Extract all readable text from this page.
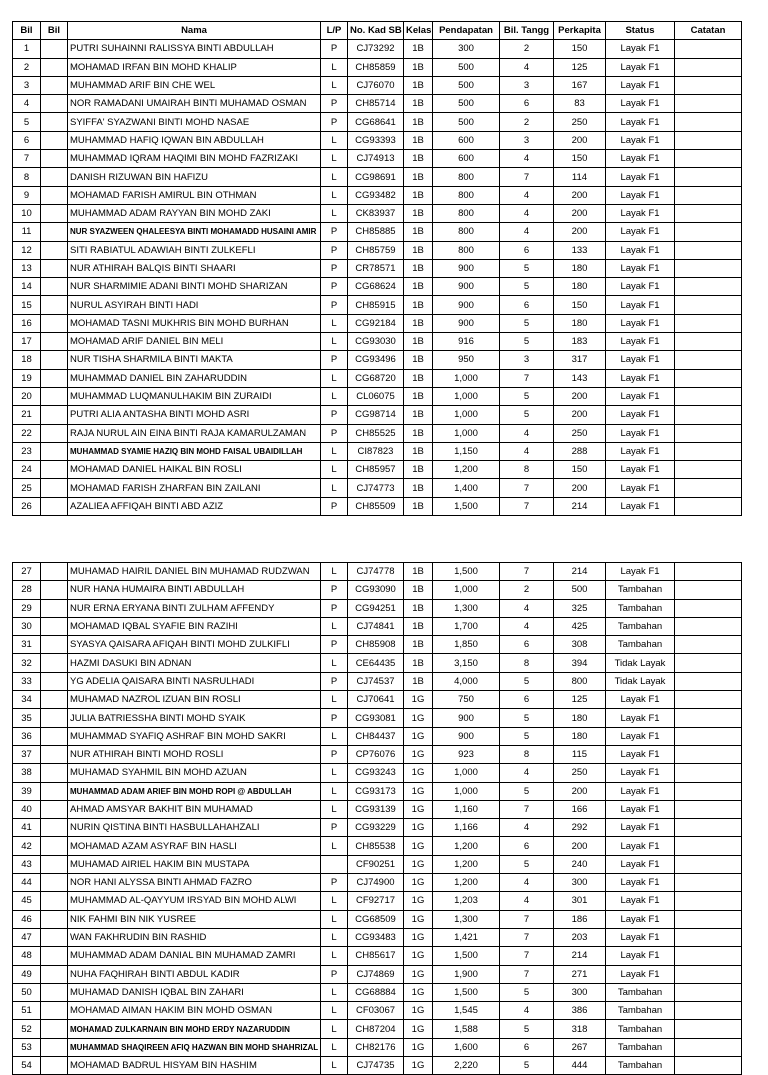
Bil	Bil	Nama	L/P	No. Kad SB	Kelas	Pendapatan	Bil. Tangg	Perkapita	Status	Catatan
1		PUTRI SUHAINNI RALISSYA BINTI ABDULLAH	P	CJ73292	1B	300	2	150	Layak F1	
2		MOHAMAD IRFAN BIN MOHD KHALIP	L	CH85859	1B	500	4	125	Layak F1	
3		MUHAMMAD ARIF BIN CHE WEL	L	CJ76070	1B	500	3	167	Layak F1	
4		NOR RAMADANI UMAIRAH BINTI MUHAMAD OSMAN	P	CH85714	1B	500	6	83	Layak F1	
5		SYIFFA' SYAZWANI BINTI MOHD NASAE	P	CG68641	1B	500	2	250	Layak F1	
6		MUHAMMAD HAFIQ IQWAN BIN ABDULLAH	L	CG93393	1B	600	3	200	Layak F1	
7		MUHAMMAD IQRAM HAQIMI BIN MOHD FAZRIZAKI	L	CJ74913	1B	600	4	150	Layak F1	
8		DANISH RIZUWAN BIN HAFIZU	L	CG98691	1B	800	7	114	Layak F1	
9		MOHAMAD FARISH AMIRUL BIN OTHMAN	L	CG93482	1B	800	4	200	Layak F1	
10		MUHAMMAD ADAM RAYYAN BIN MOHD ZAKI	L	CK83937	1B	800	4	200	Layak F1	
11		NUR SYAZWEEN QHALEESYA BINTI MOHAMADD HUSAINI AMIR	P	CH85885	1B	800	4	200	Layak F1	
12		SITI RABIATUL ADAWIAH BINTI ZULKEFLI	P	CH85759	1B	800	6	133	Layak F1	
13		NUR ATHIRAH BALQIS BINTI SHAARI	P	CR78571	1B	900	5	180	Layak F1	
14		NUR SHARMIMIE ADANI BINTI MOHD SHARIZAN	P	CG68624	1B	900	5	180	Layak F1	
15		NURUL ASYIRAH BINTI HADI	P	CH85915	1B	900	6	150	Layak F1	
16		MOHAMAD TASNI MUKHRIS BIN MOHD BURHAN	L	CG92184	1B	900	5	180	Layak F1	
17		MOHAMAD ARIF DANIEL BIN MELI	L	CG93030	1B	916	5	183	Layak F1	
18		NUR TISHA SHARMILA BINTI MAKTA	P	CG93496	1B	950	3	317	Layak F1	
19		MUHAMMAD DANIEL BIN ZAHARUDDIN	L	CG68720	1B	1,000	7	143	Layak F1	
20		MUHAMMAD LUQMANULHAKIM BIN ZURAIDI	L	CL06075	1B	1,000	5	200	Layak F1	
21		PUTRI ALIA ANTASHA BINTI MOHD ASRI	P	CG98714	1B	1,000	5	200	Layak F1	
22		RAJA NURUL AIN EINA BINTI RAJA KAMARULZAMAN	P	CH85525	1B	1,000	4	250	Layak F1	
23		MUHAMMAD SYAMIE HAZIQ BIN MOHD FAISAL UBAIDILLAH	L	CI87823	1B	1,150	4	288	Layak F1	
24		MOHAMAD DANIEL HAIKAL BIN ROSLI	L	CH85957	1B	1,200	8	150	Layak F1	
25		MOHAMAD FARISH ZHARFAN BIN ZAILANI	L	CJ74773	1B	1,400	7	200	Layak F1	
26		AZALIEA AFFIQAH BINTI ABD AZIZ	P	CH85509	1B	1,500	7	214	Layak F1	
27		MUHAMAD HAIRIL DANIEL BIN MUHAMAD RUDZWAN	L	CJ74778	1B	1,500	7	214	Layak F1	
28		NUR HANA HUMAIRA BINTI ABDULLAH	P	CG93090	1B	1,000	2	500	Tambahan	
29		NUR ERNA ERYANA BINTI ZULHAM AFFENDY	P	CG94251	1B	1,300	4	325	Tambahan	
30		MOHAMAD IQBAL SYAFIE BIN RAZIHI	L	CJ74841	1B	1,700	4	425	Tambahan	
31		SYASYA QAISARA AFIQAH BINTI MOHD ZULKIFLI	P	CH85908	1B	1,850	6	308	Tambahan	
32		HAZMI DASUKI BIN ADNAN	L	CE64435	1B	3,150	8	394	Tidak Layak	
33		YG ADELIA QAISARA BINTI NASRULHADI	P	CJ74537	1B	4,000	5	800	Tidak Layak	
34		MUHAMAD NAZROL IZUAN BIN ROSLI	L	CJ70641	1G	750	6	125	Layak F1	
35		JULIA BATRIESSHA BINTI MOHD SYAIK	P	CG93081	1G	900	5	180	Layak F1	
36		MUHAMMAD SYAFIQ ASHRAF BIN MOHD SAKRI	L	CH84437	1G	900	5	180	Layak F1	
37		NUR ATHIRAH BINTI MOHD ROSLI	P	CP76076	1G	923	8	115	Layak F1	
38		MUHAMAD SYAHMIL BIN MOHD AZUAN	L	CG93243	1G	1,000	4	250	Layak F1	
39		MUHAMMAD ADAM ARIEF BIN MOHD ROPI @ ABDULLAH	L	CG93173	1G	1,000	5	200	Layak F1	
40		AHMAD AMSYAR BAKHIT BIN MUHAMAD	L	CG93139	1G	1,160	7	166	Layak F1	
41		NURIN QISTINA BINTI HASBULLAHAHZALI	P	CG93229	1G	1,166	4	292	Layak F1	
42		MOHAMAD AZAM ASYRAF BIN HASLI	L	CH85538	1G	1,200	6	200	Layak F1	
43		MUHAMAD AIRIEL HAKIM BIN MUSTAPA		CF90251	1G	1,200	5	240	Layak F1	
44		NOR HANI ALYSSA BINTI AHMAD FAZRO	P	CJ74900	1G	1,200	4	300	Layak F1	
45		MUHAMMAD AL-QAYYUM IRSYAD BIN MOHD ALWI	L	CF92717	1G	1,203	4	301	Layak F1	
46		NIK FAHMI BIN NIK YUSREE	L	CG68509	1G	1,300	7	186	Layak F1	
47		WAN FAKHRUDIN BIN RASHID	L	CG93483	1G	1,421	7	203	Layak F1	
48		MUHAMMAD ADAM DANIAL BIN MUHAMAD ZAMRI	L	CH85617	1G	1,500	7	214	Layak F1	
49		NUHA FAQHIRAH BINTI ABDUL KADIR	P	CJ74869	1G	1,900	7	271	Layak F1	
50		MUHAMAD DANISH IQBAL BIN ZAHARI	L	CG68884	1G	1,500	5	300	Tambahan	
51		MOHAMAD AIMAN HAKIM BIN MOHD OSMAN	L	CF03067	1G	1,545	4	386	Tambahan	
52		MOHAMAD ZULKARNAIN BIN MOHD ERDY NAZARUDDIN	L	CH87204	1G	1,588	5	318	Tambahan	
53		MUHAMMAD SHAQIREEN AFIQ HAZWAN BIN MOHD SHAHRIZAL	L	CH82176	1G	1,600	6	267	Tambahan	
54		MOHAMAD BADRUL HISYAM BIN HASHIM	L	CJ74735	1G	2,220	5	444	Tambahan	
